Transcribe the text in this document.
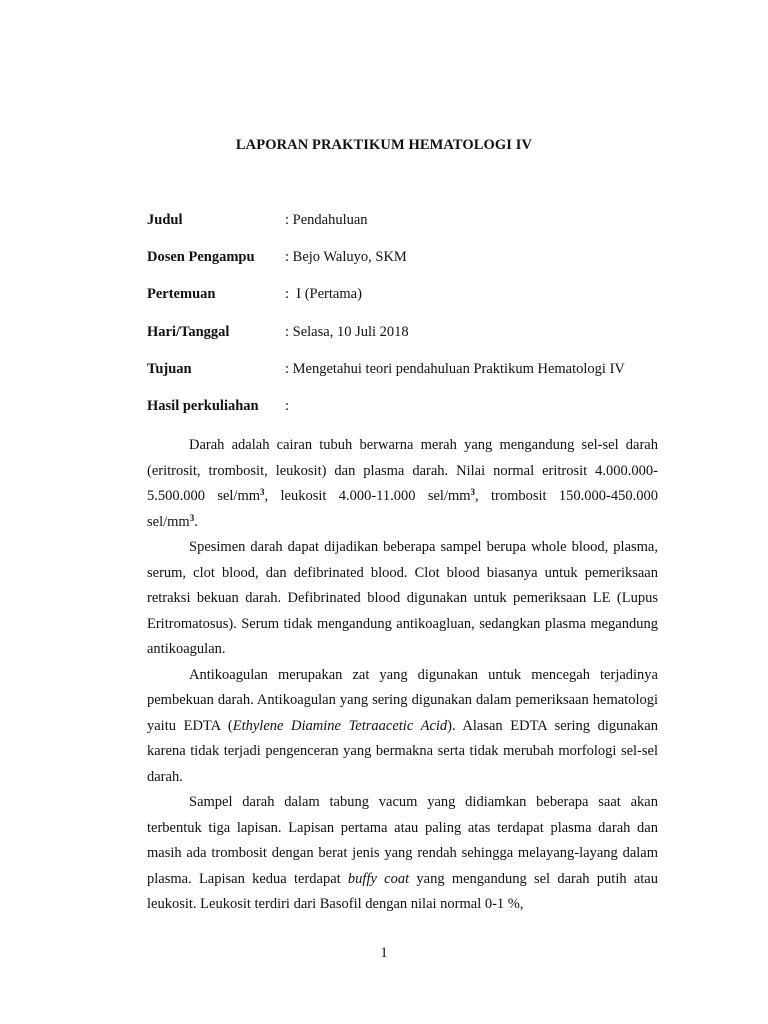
LAPORAN PRAKTIKUM HEMATOLOGI IV
Judul	: Pendahuluan
Dosen Pengampu : Bejo Waluyo, SKM
Pertemuan	:  I (Pertama)
Hari/Tanggal	: Selasa, 10 Juli 2018
Tujuan	: Mengetahui teori pendahuluan Praktikum Hematologi IV
Hasil perkuliahan :

Darah adalah cairan tubuh berwarna merah yang mengandung sel-sel darah (eritrosit, trombosit, leukosit) dan plasma darah. Nilai normal eritrosit 4.000.000-5.500.000 sel/$mm^3$, leukosit 4.000-11.000 sel/$mm^3$, trombosit 150.000-450.000 sel/$mm^3$.

Spesimen darah dapat dijadikan beberapa sampel berupa whole blood, plasma, serum, clot blood, dan defibrinated blood. Clot blood biasanya untuk pemeriksaan retraksi bekuan darah. Defibrinated blood digunakan untuk pemeriksaan LE (Lupus Eritromatosus). Serum tidak mengandung antikoagluan, sedangkan plasma megandung antikoagulan.

Antikoagulan merupakan zat yang digunakan untuk mencegah terjadinya pembekuan darah. Antikoagulan yang sering digunakan dalam pemeriksaan hematologi yaitu EDTA (Ethylene Diamine Tetraacetic Acid). Alasan EDTA sering digunakan karena tidak terjadi pengenceran yang bermakna serta tidak merubah morfologi sel-sel darah.

Sampel darah dalam tabung vacum yang didiamkan beberapa saat akan terbentuk tiga lapisan. Lapisan pertama atau paling atas terdapat plasma darah dan masih ada trombosit dengan berat jenis yang rendah sehingga melayang-layang dalam plasma. Lapisan kedua terdapat buffy coat yang mengandung sel darah putih atau leukosit. Leukosit terdiri dari Basofil dengan nilai normal 0-1 %,

1
